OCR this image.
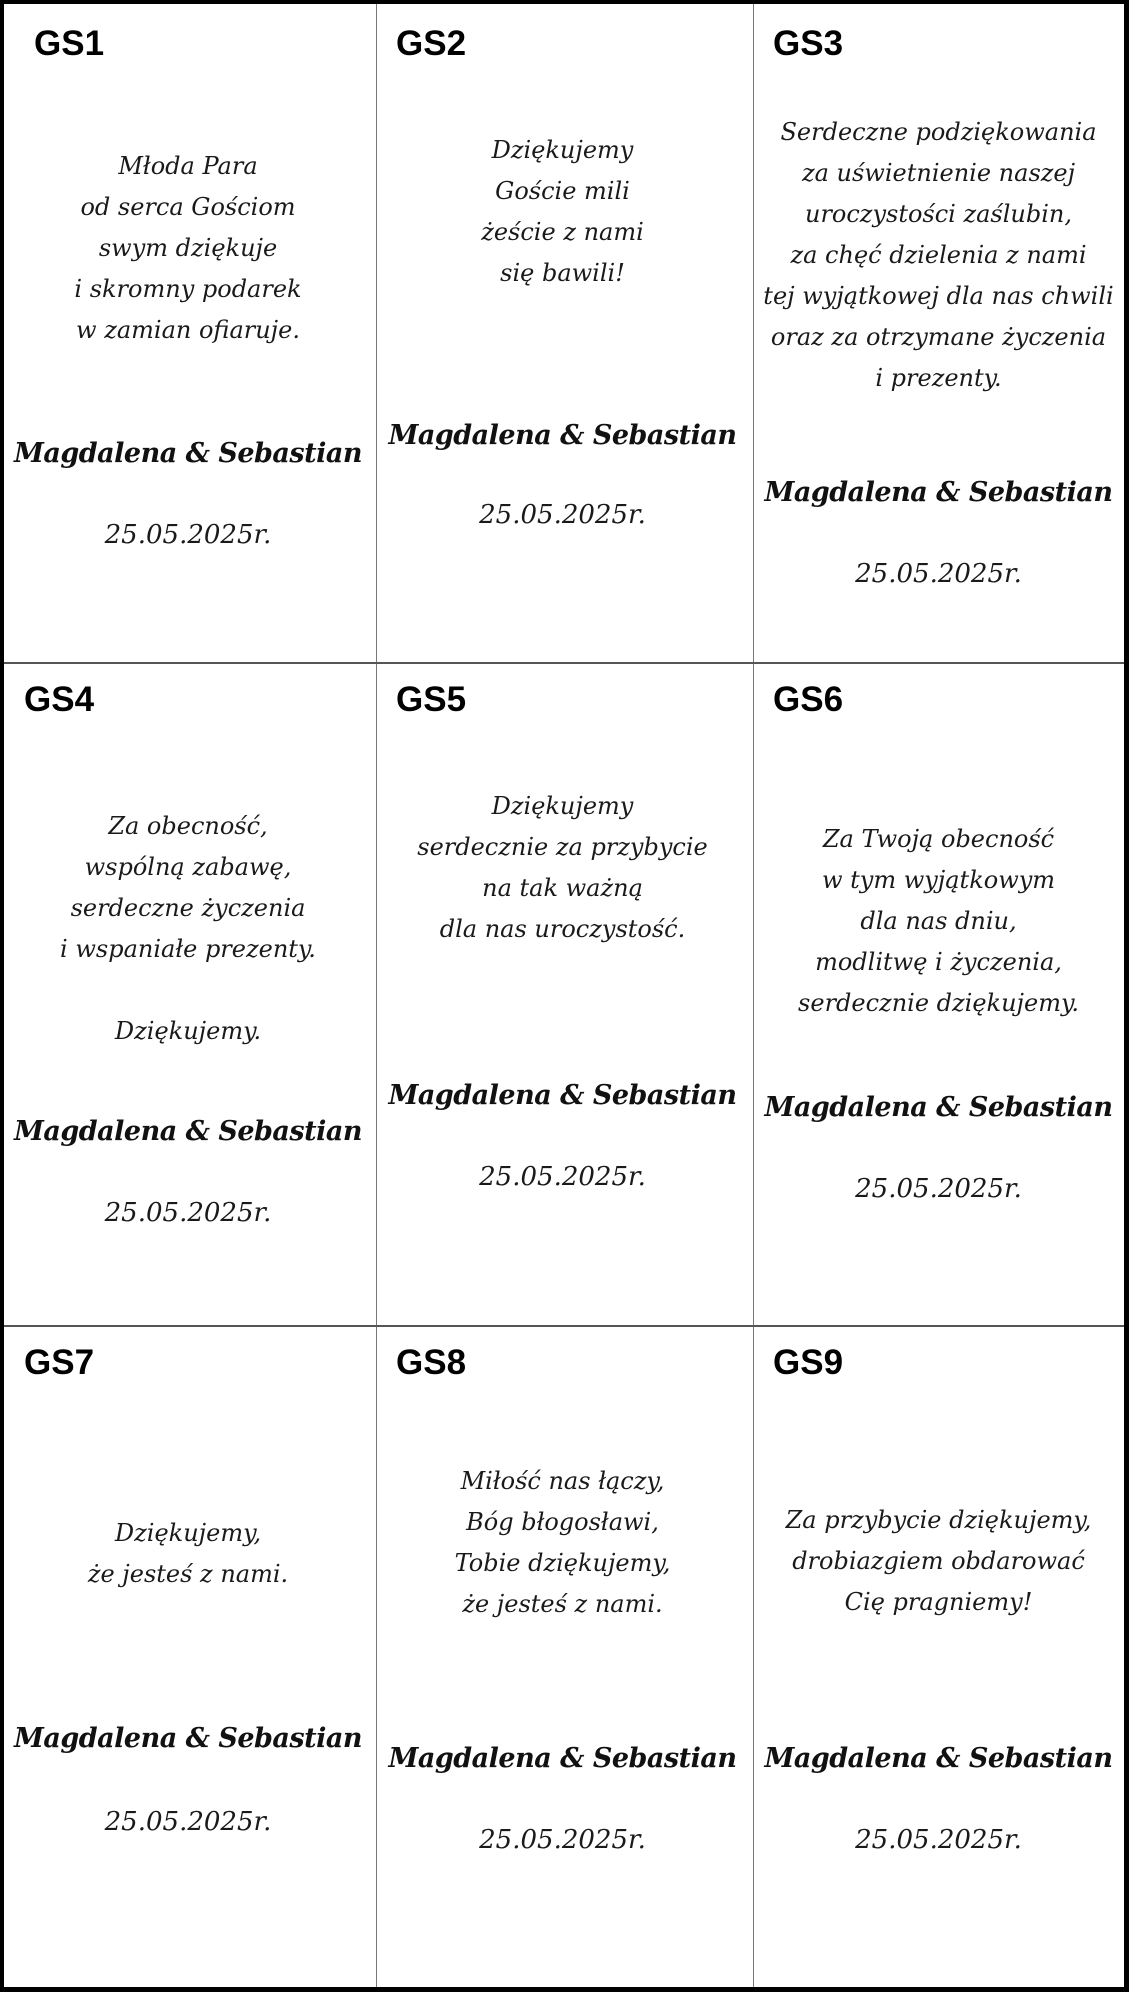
GS1
Młoda Para
od serca Gościom
swym dziękuje
i skromny podarek
w zamian ofiaruje.
Magdalena & Sebastian
25.05.2025r.
GS2
Dziękujemy
Goście mili
żeście z nami
się bawili!
Magdalena & Sebastian
25.05.2025r.
GS3
Serdeczne podziękowania
za uświetnienie naszej
uroczystości zaślubin,
za chęć dzielenia z nami
tej wyjątkowej dla nas chwili
oraz za otrzymane życzenia
i prezenty.
Magdalena & Sebastian
25.05.2025r.
GS4
Za obecność,
wspólną zabawę,
serdeczne życzenia
i wspaniałe prezenty.
Dziękujemy.
Magdalena & Sebastian
25.05.2025r.
GS5
Dziękujemy
serdecznie za przybycie
na tak ważną
dla nas uroczystość.
Magdalena & Sebastian
25.05.2025r.
GS6
Za Twoją obecność
w tym wyjątkowym
dla nas dniu,
modlitwę i życzenia,
serdecznie dziękujemy.
Magdalena & Sebastian
25.05.2025r.
GS7
Dziękujemy,
że jesteś z nami.
Magdalena & Sebastian
25.05.2025r.
GS8
Miłość nas łączy,
Bóg błogosławi,
Tobie dziękujemy,
że jesteś z nami.
Magdalena & Sebastian
25.05.2025r.
GS9
Za przybycie dziękujemy,
drobiazgiem obdarować
Cię pragniemy!
Magdalena & Sebastian
25.05.2025r.
